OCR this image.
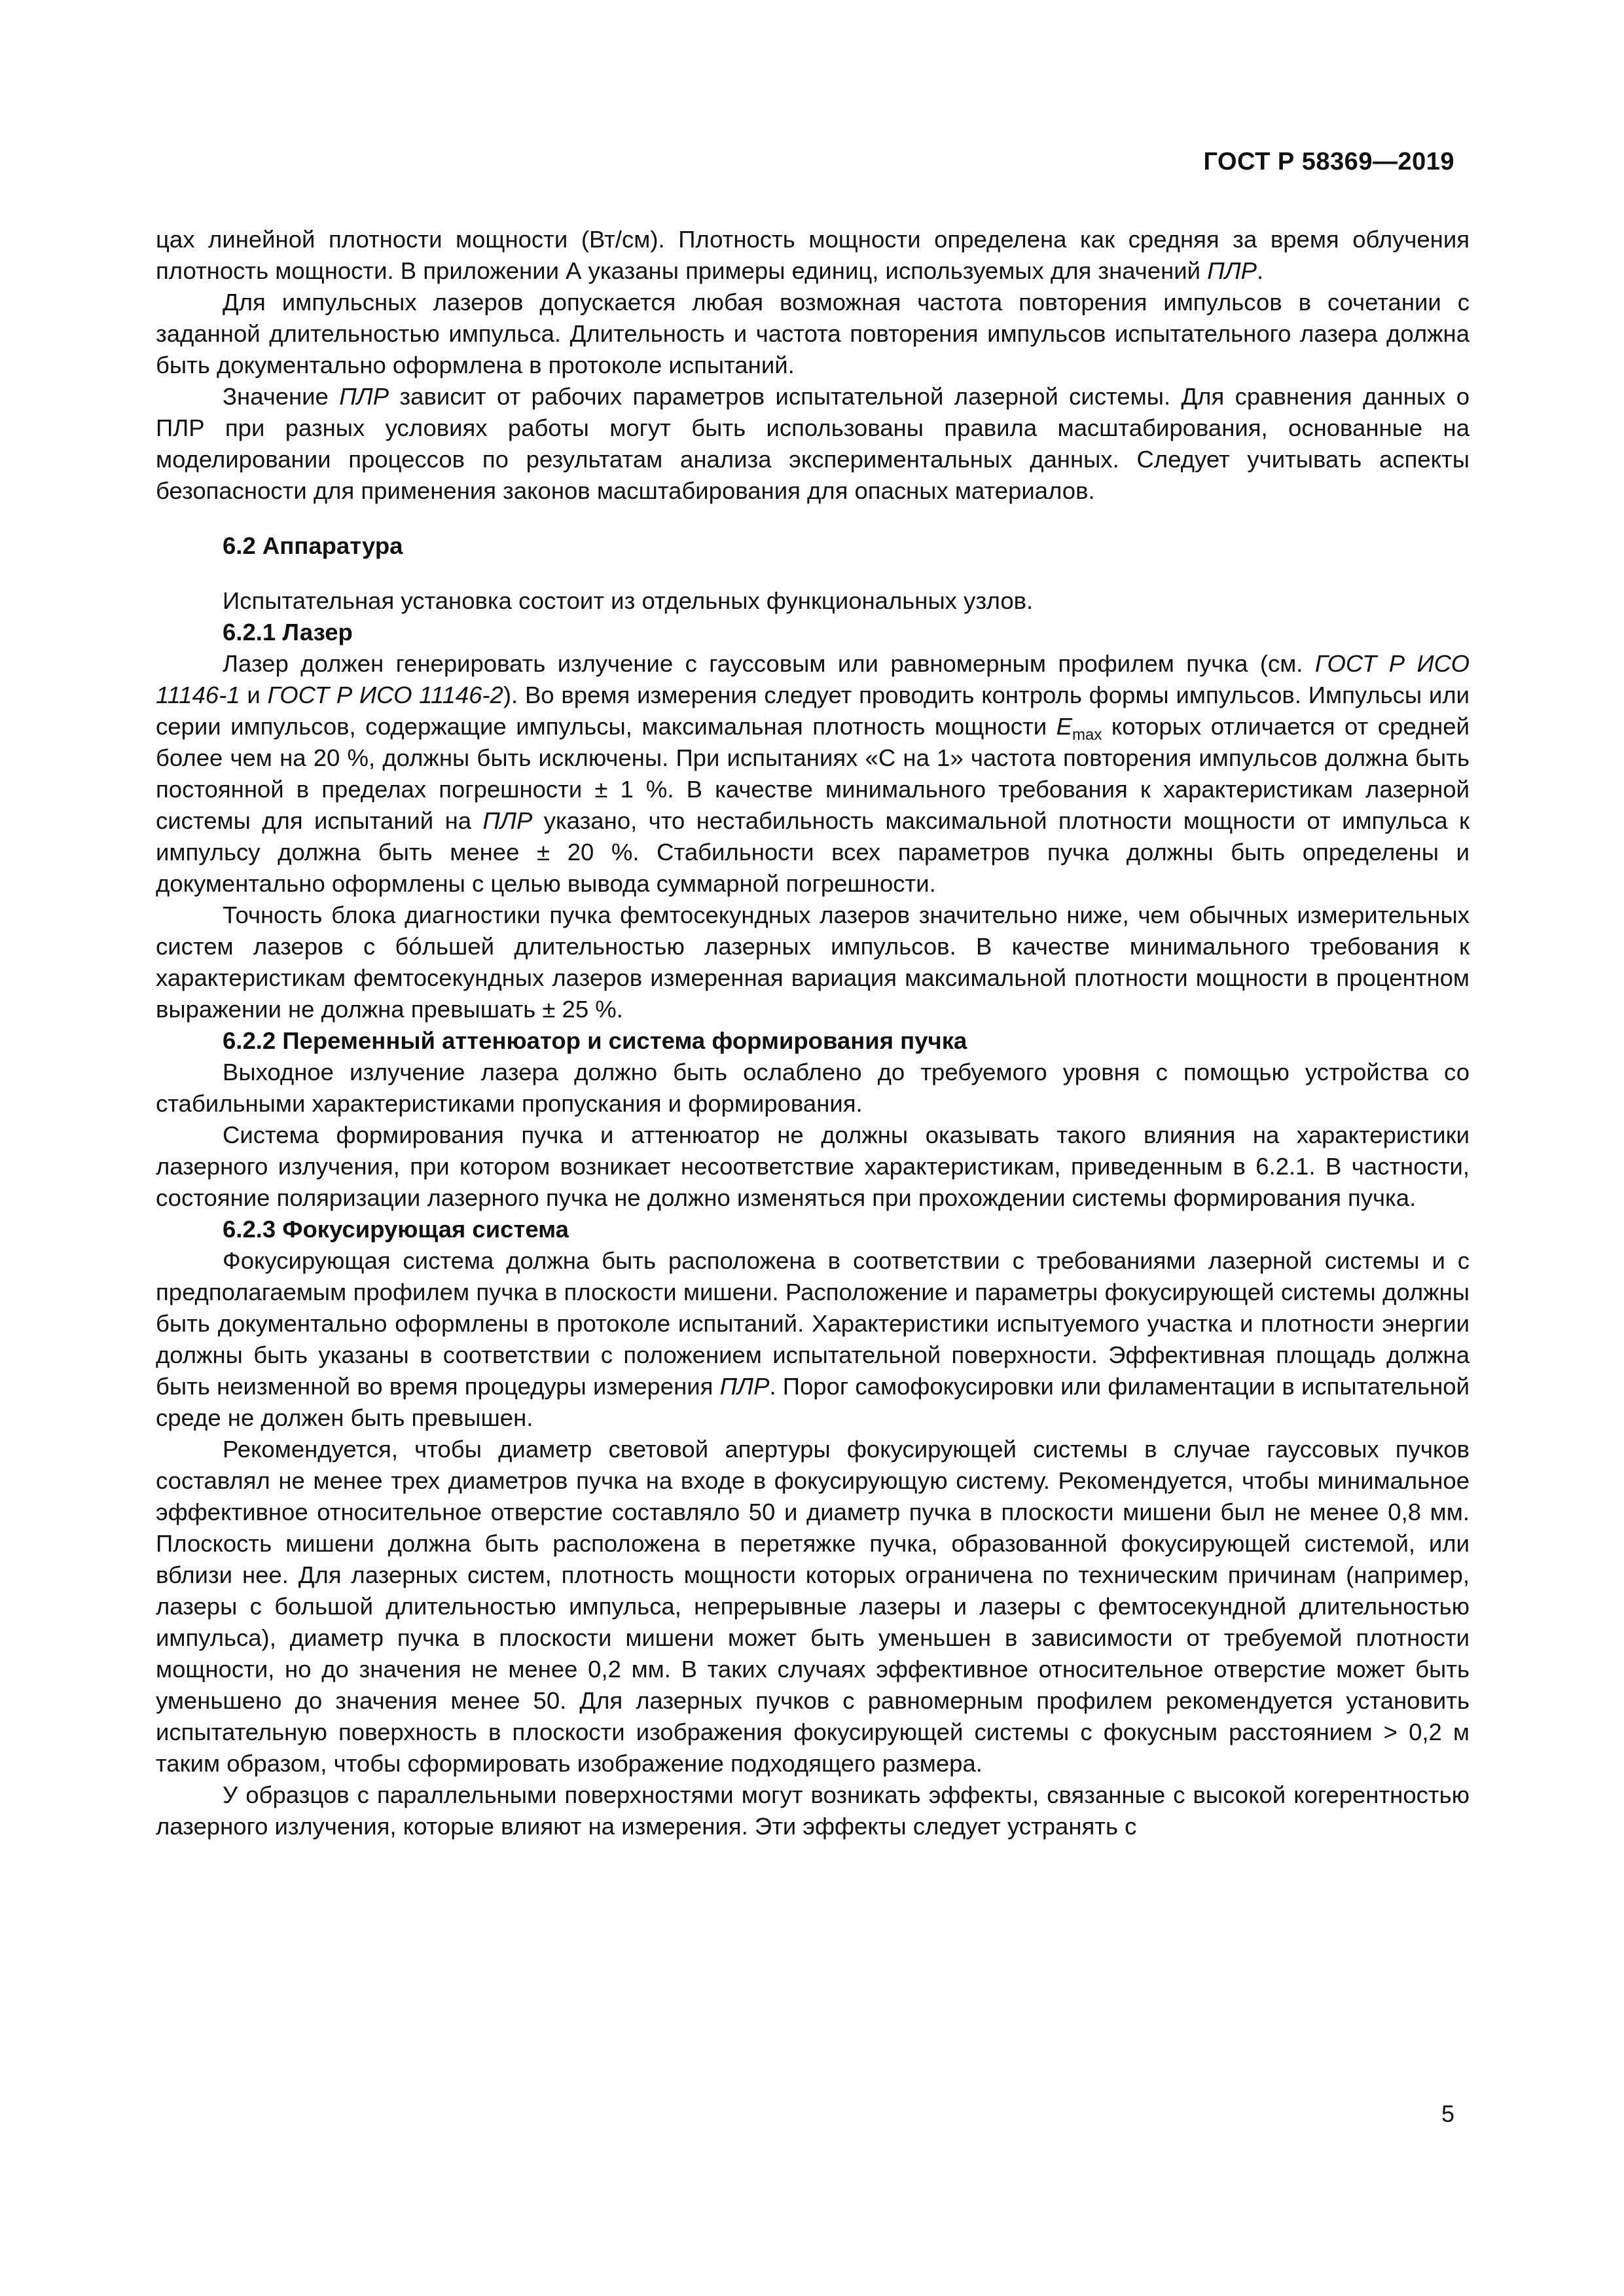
ГОСТ Р 58369—2019

цах линейной плотности мощности (Вт/см). Плотность мощности определена как средняя за время облучения плотность мощности. В приложении А указаны примеры единиц, используемых для значений ПЛР.

Для импульсных лазеров допускается любая возможная частота повторения импульсов в сочетании с заданной длительностью импульса. Длительность и частота повторения импульсов испытательного лазера должна быть документально оформлена в протоколе испытаний.

Значение ПЛР зависит от рабочих параметров испытательной лазерной системы. Для сравнения данных о ПЛР при разных условиях работы могут быть использованы правила масштабирования, основанные на моделировании процессов по результатам анализа экспериментальных данных. Следует учитывать аспекты безопасности для применения законов масштабирования для опасных материалов.

6.2 Аппаратура

Испытательная установка состоит из отдельных функциональных узлов.

6.2.1 Лазер

Лазер должен генерировать излучение с гауссовым или равномерным профилем пучка (см. ГОСТ Р ИСО 11146-1 и ГОСТ Р ИСО 11146-2). Во время измерения следует проводить контроль формы импульсов. Импульсы или серии импульсов, содержащие импульсы, максимальная плотность мощности $E_{max}$ которых отличается от средней более чем на 20 %, должны быть исключены. При испытаниях «С на 1» частота повторения импульсов должна быть постоянной в пределах погрешности ± 1 %. В качестве минимального требования к характеристикам лазерной системы для испытаний на ПЛР указано, что нестабильность максимальной плотности мощности от импульса к импульсу должна быть менее ± 20 %. Стабильности всех параметров пучка должны быть определены и документально оформлены с целью вывода суммарной погрешности.

Точность блока диагностики пучка фемтосекундных лазеров значительно ниже, чем обычных измерительных систем лазеров с бóльшей длительностью лазерных импульсов. В качестве минимального требования к характеристикам фемтосекундных лазеров измеренная вариация максимальной плотности мощности в процентном выражении не должна превышать ± 25 %.

6.2.2 Переменный аттенюатор и система формирования пучка

Выходное излучение лазера должно быть ослаблено до требуемого уровня с помощью устройства со стабильными характеристиками пропускания и формирования.

Система формирования пучка и аттенюатор не должны оказывать такого влияния на характеристики лазерного излучения, при котором возникает несоответствие характеристикам, приведенным в 6.2.1. В частности, состояние поляризации лазерного пучка не должно изменяться при прохождении системы формирования пучка.

6.2.3 Фокусирующая система

Фокусирующая система должна быть расположена в соответствии с требованиями лазерной системы и с предполагаемым профилем пучка в плоскости мишени. Расположение и параметры фокусирующей системы должны быть документально оформлены в протоколе испытаний. Характеристики испытуемого участка и плотности энергии должны быть указаны в соответствии с положением испытательной поверхности. Эффективная площадь должна быть неизменной во время процедуры измерения ПЛР. Порог самофокусировки или филаментации в испытательной среде не должен быть превышен.

Рекомендуется, чтобы диаметр световой апертуры фокусирующей системы в случае гауссовых пучков составлял не менее трех диаметров пучка на входе в фокусирующую систему. Рекомендуется, чтобы минимальное эффективное относительное отверстие составляло 50 и диаметр пучка в плоскости мишени был не менее 0,8 мм. Плоскость мишени должна быть расположена в перетяжке пучка, образованной фокусирующей системой, или вблизи нее. Для лазерных систем, плотность мощности которых ограничена по техническим причинам (например, лазеры с большой длительностью импульса, непрерывные лазеры и лазеры с фемтосекундной длительностью импульса), диаметр пучка в плоскости мишени может быть уменьшен в зависимости от требуемой плотности мощности, но до значения не менее 0,2 мм. В таких случаях эффективное относительное отверстие может быть уменьшено до значения менее 50. Для лазерных пучков с равномерным профилем рекомендуется установить испытательную поверхность в плоскости изображения фокусирующей системы с фокусным расстоянием > 0,2 м таким образом, чтобы сформировать изображение подходящего размера.

У образцов с параллельными поверхностями могут возникать эффекты, связанные с высокой когерентностью лазерного излучения, которые влияют на измерения. Эти эффекты следует устранять с

5
